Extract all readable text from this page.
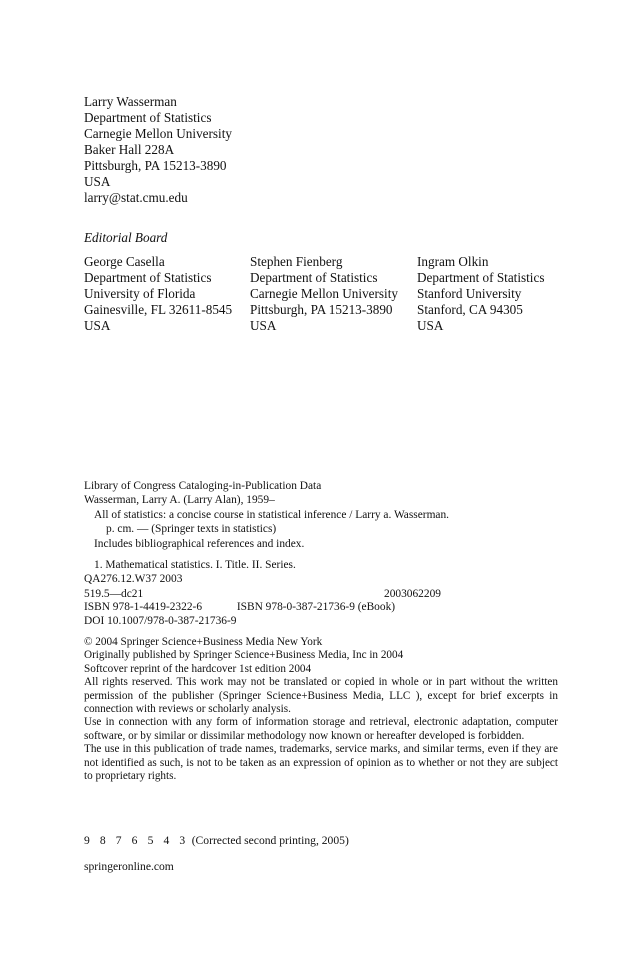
Larry Wasserman
Department of Statistics
Carnegie Mellon University
Baker Hall 228A
Pittsburgh, PA 15213-3890
USA
larry@stat.cmu.edu
Editorial Board
George Casella
Department of Statistics
University of Florida
Gainesville, FL 32611-8545
USA
Stephen Fienberg
Department of Statistics
Carnegie Mellon University
Pittsburgh, PA 15213-3890
USA
Ingram Olkin
Department of Statistics
Stanford University
Stanford, CA 94305
USA
Library of Congress Cataloging-in-Publication Data
Wasserman, Larry A. (Larry Alan), 1959–
All of statistics: a concise course in statistical inference / Larry a. Wasserman.
p. cm. — (Springer texts in statistics)
Includes bibliographical references and index.
1. Mathematical statistics. I. Title. II. Series.
QA276.12.W37 2003
519.5—dc21	2003062209
ISBN 978-1-4419-2322-6	ISBN 978-0-387-21736-9 (eBook)
DOI 10.1007/978-0-387-21736-9

© 2004 Springer Science+Business Media New York

Originally published by Springer Science+Business Media, Inc in 2004

Softcover reprint of the hardcover 1st edition 2004

All rights reserved. This work may not be translated or copied in whole or in part without the written permission of the publisher (Springer Science+Business Media, LLC ), except for brief excerpts in connection with reviews or scholarly analysis.

Use in connection with any form of information storage and retrieval, electronic adaptation, computer software, or by similar or dissimilar methodology now known or hereafter developed is forbidden.

The use in this publication of trade names, trademarks, service marks, and similar terms, even if they are not identified as such, is not to be taken as an expression of opinion as to whether or not they are subject to proprietary rights.

9 8 7 6 5 4 3 (Corrected second printing, 2005)
springeronline.com
